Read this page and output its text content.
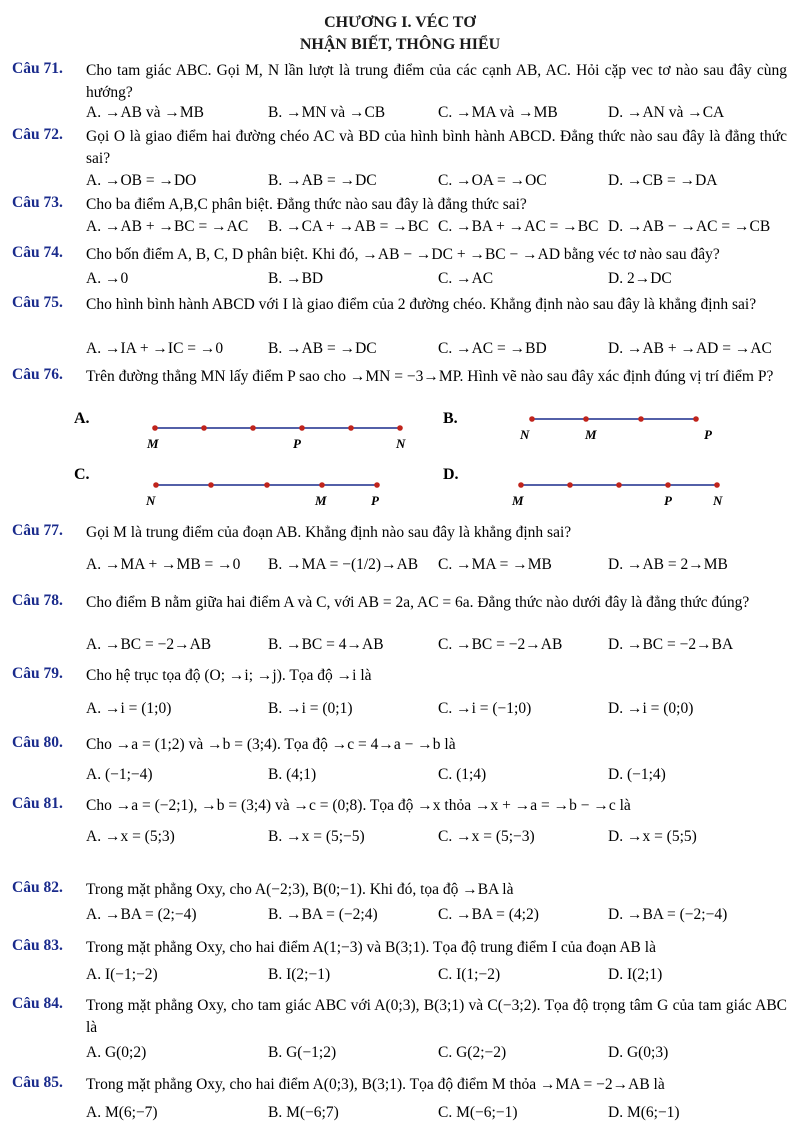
CHƯƠNG I. VÉC TƠ
NHẬN BIẾT, THÔNG HIỂU
Câu 71. Cho tam giác ABC. Gọi M, N lần lượt là trung điểm của các cạnh AB, AC. Hỏi cặp vec tơ nào sau đây cùng hướng?
A. →AB và →MB	B. →MN và →CB	C. →MA và →MB	D. →AN và →CA
Câu 72. Gọi O là giao điểm hai đường chéo AC và BD của hình bình hành ABCD. Đẳng thức nào sau đây là đẳng thức sai?
A. →OB = →DO	B. →AB = →DC	C. →OA = →OC	D. →CB = →DA
Câu 73. Cho ba điểm A,B,C phân biệt. Đẳng thức nào sau đây là đẳng thức sai?
A. →AB + →BC = →AC B. →CA + →AB = →BC C. →BA + →AC = →BC D. →AB − →AC = →CB
Câu 74. Cho bốn điểm A, B, C, D phân biệt. Khi đó, →AB − →DC + →BC − →AD bằng véc tơ nào sau đây?
A. →0	B. →BD	C. →AC	D. 2→DC
Câu 75. Cho hình bình hành ABCD với I là giao điểm của 2 đường chéo. Khẳng định nào sau đây là khẳng định sai?
A. →IA + →IC = →0	B. →AB = →DC	C. →AC = →BD	D. →AB + →AD = →AC
Câu 76. Trên đường thẳng MN lấy điểm P sao cho →MN = −3→MP. Hình vẽ nào sau đây xác định đúng vị trí điểm P?
A.
M	P	N
B.
N	M	P
C.
N	M	P
D.
M	P	N
Câu 77. Gọi M là trung điểm của đoạn AB. Khẳng định nào sau đây là khẳng định sai?
A. →MA + →MB = →0 B. →MA = −(1/2)→AB C. →MA = →MB	D. →AB = 2→MB
Câu 78. Cho điểm B nằm giữa hai điểm A và C, với AB = 2a, AC = 6a. Đẳng thức nào dưới đây là đẳng thức đúng?
A. →BC = −2→AB	B. →BC = 4→AB	C. →BC = −2→AB	D. →BC = −2→BA
Câu 79. Cho hệ trục tọa độ (O; →i; →j). Tọa độ →i là
A. →i = (1;0)	B. →i = (0;1)	C. →i = (−1;0)	D. →i = (0;0)
Câu 80. Cho →a = (1;2) và →b = (3;4). Tọa độ →c = 4→a − →b là
A. (−1;−4)	B. (4;1)	C. (1;4)	D. (−1;4)
Câu 81. Cho →a = (−2;1), →b = (3;4) và →c = (0;8). Tọa độ →x thỏa →x + →a = →b − →c là
A. →x = (5;3)	B. →x = (5;−5)	C. →x = (5;−3)	D. →x = (5;5)
Câu 82. Trong mặt phẳng Oxy, cho A(−2;3), B(0;−1). Khi đó, tọa độ →BA là
A. →BA = (2;−4)	B. →BA = (−2;4)	C. →BA = (4;2)	D. →BA = (−2;−4)
Câu 83. Trong mặt phẳng Oxy, cho hai điểm A(1;−3) và B(3;1). Tọa độ trung điểm I của đoạn AB là
A. I(−1;−2)	B. I(2;−1)	C. I(1;−2)	D. I(2;1)
Câu 84. Trong mặt phẳng Oxy, cho tam giác ABC với A(0;3), B(3;1) và C(−3;2). Tọa độ trọng tâm G của tam giác ABC là
A. G(0;2)	B. G(−1;2)	C. G(2;−2)	D. G(0;3)
Câu 85. Trong mặt phẳng Oxy, cho hai điểm A(0;3), B(3;1). Tọa độ điểm M thỏa →MA = −2→AB là
A. M(6;−7)	B. M(−6;7)	C. M(−6;−1)	D. M(6;−1)
